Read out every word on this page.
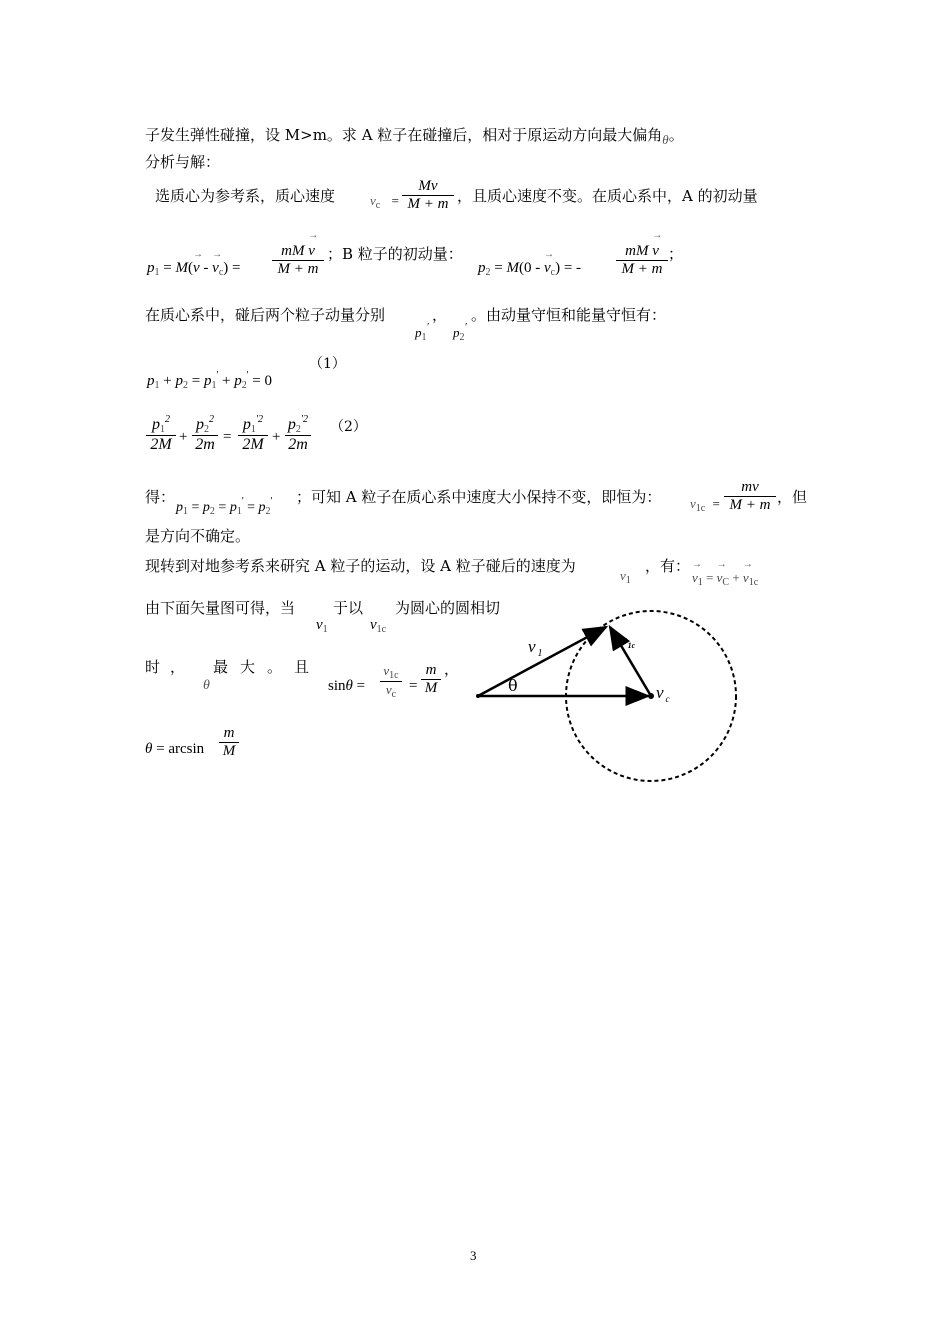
子发生弹性碰撞，设 M>m。求 A 粒子在碰撞后，相对于原运动方向最大偏角θ。
分析与解：
选质心为参考系，质心速度	$v_c$ =
Mv
M + m ，且质心速度不变。在质心系中，A 的初动量
$p_1 = M(\to v$ - → $v_c$) =
mM → v
M + m
；B 粒子的初动量：
$p_2 = M(0$ - → $v_c$) = -
mM → v
M + m
；
在质心系中，碰后两个粒子动量分别
$p_1'$
，
$p_2'$
。由动量守恒和能量守恒有：
$p_1 + p_2 = p_1' + p_2' = 0$
（1）
$p_1^2$
2M +
$p_2^2$
2m =
$p_1^{'2}$
2M +
$p_2^{'2}$
2m
（2）
得：
$p_1 = p_2 = p_1' = p_2'$ ；可知 A 粒子在质心系中速度大小保持不变，即恒为： $v_{1c}$ =
mv
M + m ，但
是方向不确定。
现转到对地参考系来研究 A 粒子的运动，设 A 粒子碰后的速度为
$v_1$
，有：
→ $v_1$ = → $v_C$ + → $v_{1c}$
由下面矢量图可得，当
$v_1$
于以
$v_{1c}$
为圆心的圆相切
时，
θ
最大。且
sinθ =
$v_{1c}$
$v_c$
=
m
M
，
θ = arcsin
m
M
v $_1$
$v_{1c}$
v $_c$
θ
3
